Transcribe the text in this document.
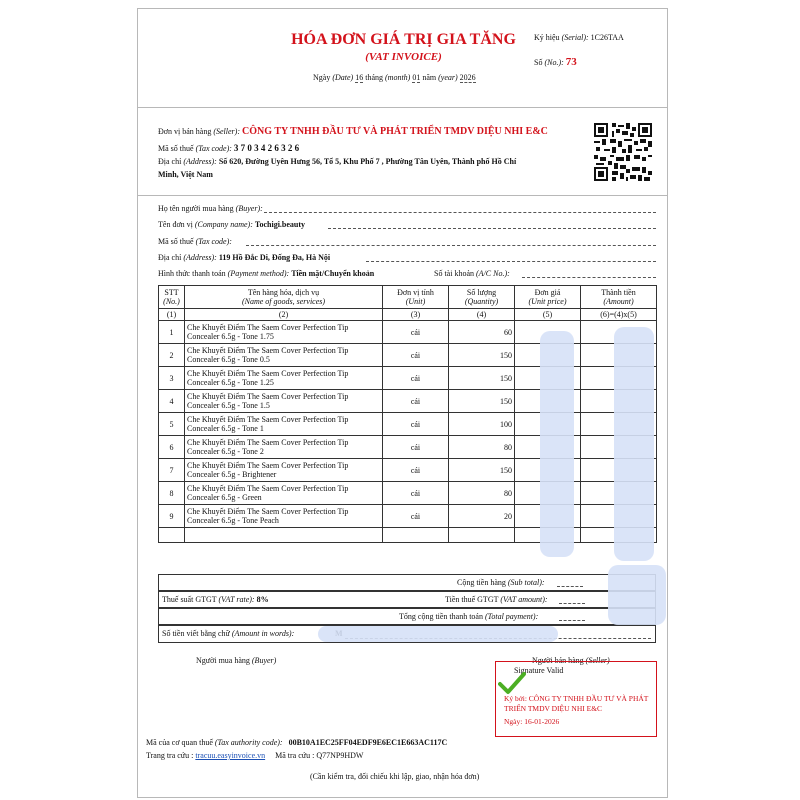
HÓA ĐƠN GIÁ TRỊ GIA TĂNG
(VAT INVOICE)
Ngày (Date) 16 tháng (month) 01 năm (year) 2026
Ký hiệu (Serial): 1C26TAA
Số (No.): 73
Đơn vị bán hàng (Seller): CÔNG TY TNHH ĐẦU TƯ VÀ PHÁT TRIỂN TMDV DIỆU NHI E&C
Mã số thuế (Tax code): 3 7 0 3 4 2 6 3 2 6
Địa chỉ (Address): Số 620, Đường Uyên Hưng 56, Tổ 5, Khu Phố 7 , Phường Tân Uyên, Thành phố Hồ Chí
Minh, Việt Nam
Họ tên người mua hàng (Buyer):
Tên đơn vị (Company name): Tochigi.beauty
Mã số thuế (Tax code):
Địa chỉ (Address): 119 Hồ Đắc Di, Đống Đa, Hà Nội
Hình thức thanh toán (Payment method): Tiền mặt/Chuyển khoản	Số tài khoản (A/C No.):
STT
(No.)	Tên hàng hóa, dịch vụ
(Name of goods, services)	Đơn vị tính
(Unit)	Số lượng
(Quantity)	Đơn giá
(Unit price)	Thành tiền
(Amount)
(1)	(2)	(3)	(4)	(5)	(6)=(4)x(5)
1	Che Khuyết Điểm The Saem Cover Perfection Tip
Concealer 6.5g - Tone 1.75	cái	60		
2	Che Khuyết Điểm The Saem Cover Perfection Tip
Concealer 6.5g - Tone 0.5	cái	150		
3	Che Khuyết Điểm The Saem Cover Perfection Tip
Concealer 6.5g - Tone 1.25	cái	150		
4	Che Khuyết Điểm The Saem Cover Perfection Tip
Concealer 6.5g - Tone 1.5	cái	150		
5	Che Khuyết Điểm The Saem Cover Perfection Tip
Concealer 6.5g - Tone 1	cái	100		
6	Che Khuyết Điểm The Saem Cover Perfection Tip
Concealer 6.5g - Tone 2	cái	80		
7	Che Khuyết Điểm The Saem Cover Perfection Tip
Concealer 6.5g - Brightener	cái	150		
8	Che Khuyết Điểm The Saem Cover Perfection Tip
Concealer 6.5g - Green	cái	80		
9	Che Khuyết Điểm The Saem Cover Perfection Tip
Concealer 6.5g - Tone Peach	cái	20		

Cộng tiền hàng (Sub total):
Thuế suất GTGT (VAT rate): 8%	Tiền thuế GTGT (VAT amount):
Tổng cộng tiền thanh toán (Total payment):
Số tiền viết bằng chữ (Amount in words):
Người mua hàng (Buyer)	Người bán hàng (Seller)
Signature Valid
Ký bởi: CÔNG TY TNHH ĐẦU TƯ VÀ PHÁT
TRIỂN TMDV DIỆU NHI E&C
Ngày: 16-01-2026
Mã của cơ quan thuế (Tax authority code): 00B10A1EC25FF04EDF9E6EC1E663AC117C
Trang tra cứu : tracuu.easyinvoice.vn Mã tra cứu : Q77NP9HDW
(Cần kiểm tra, đối chiếu khi lập, giao, nhận hóa đơn)
